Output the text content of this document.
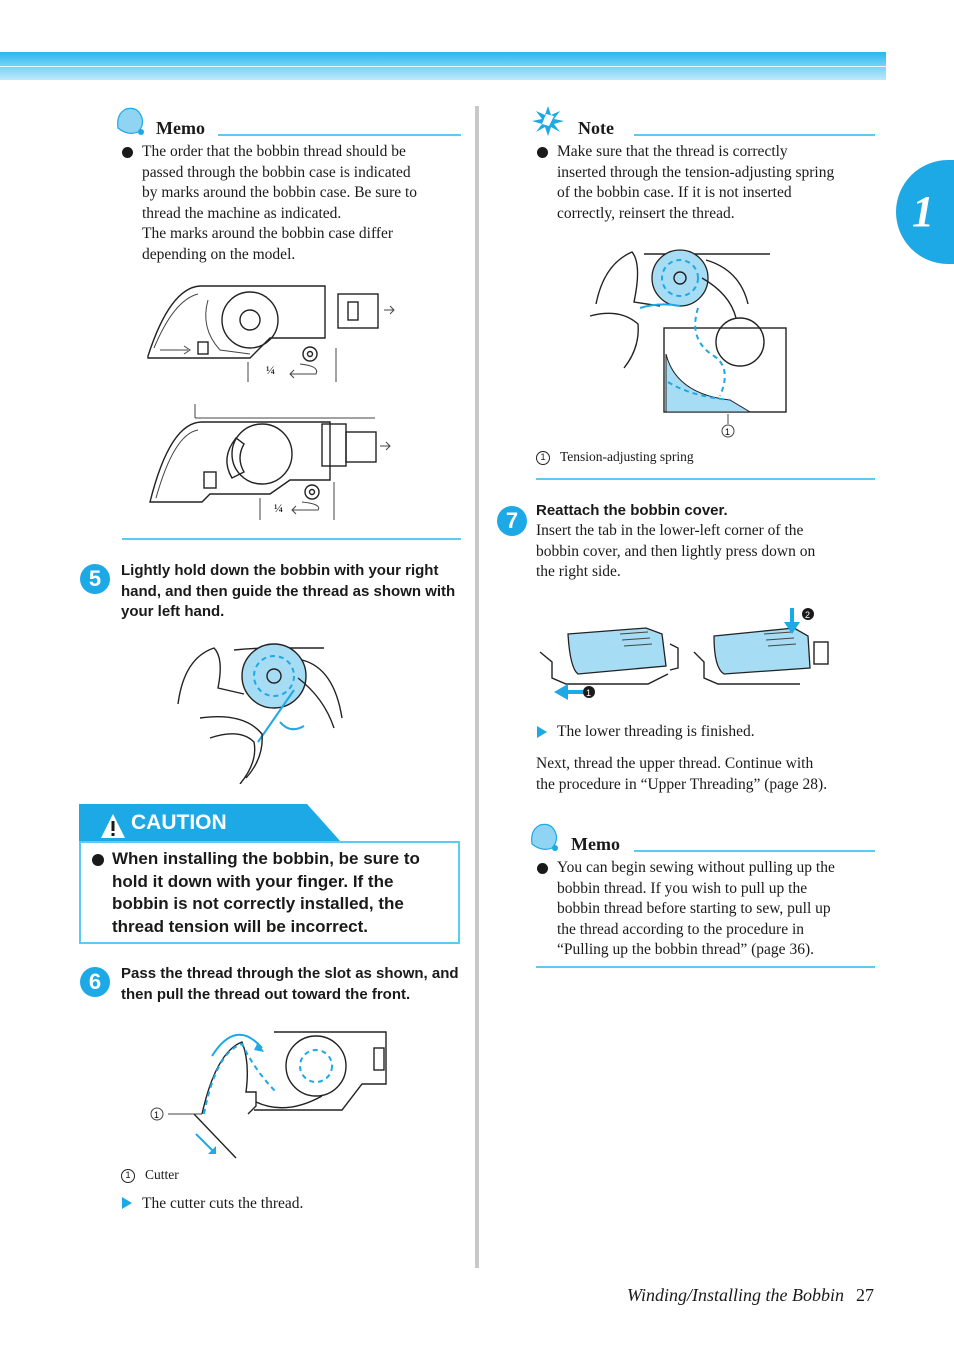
1
Memo
The order that the bobbin thread should be
passed through the bobbin case is indicated
by marks around the bobbin case. Be sure to
thread the machine as indicated.
The marks around the bobbin case differ
depending on the model.
¼
¼
5	Lightly hold down the bobbin with your right
hand, and then guide the thread as shown with
your left hand.
CAUTION
When installing the bobbin, be sure to
hold it down with your finger. If the
bobbin is not correctly installed, the
thread tension will be incorrect.
6	Pass the thread through the slot as shown, and
then pull the thread out toward the front.
1
1 Cutter
The cutter cuts the thread.
Note
Make sure that the thread is correctly
inserted through the tension-adjusting spring
of the bobbin case. If it is not inserted
correctly, reinsert the thread.
1
1 Tension-adjusting spring
7	Reattach the bobbin cover.
Insert the tab in the lower-left corner of the
bobbin cover, and then lightly press down on
the right side.
1
2
The lower threading is finished.
Next, thread the upper thread. Continue with
the procedure in “Upper Threading” (page 28).
Memo
You can begin sewing without pulling up the
bobbin thread. If you wish to pull up the
bobbin thread before starting to sew, pull up
the thread according to the procedure in
“Pulling up the bobbin thread” (page 36).
Winding/Installing the Bobbin 27
